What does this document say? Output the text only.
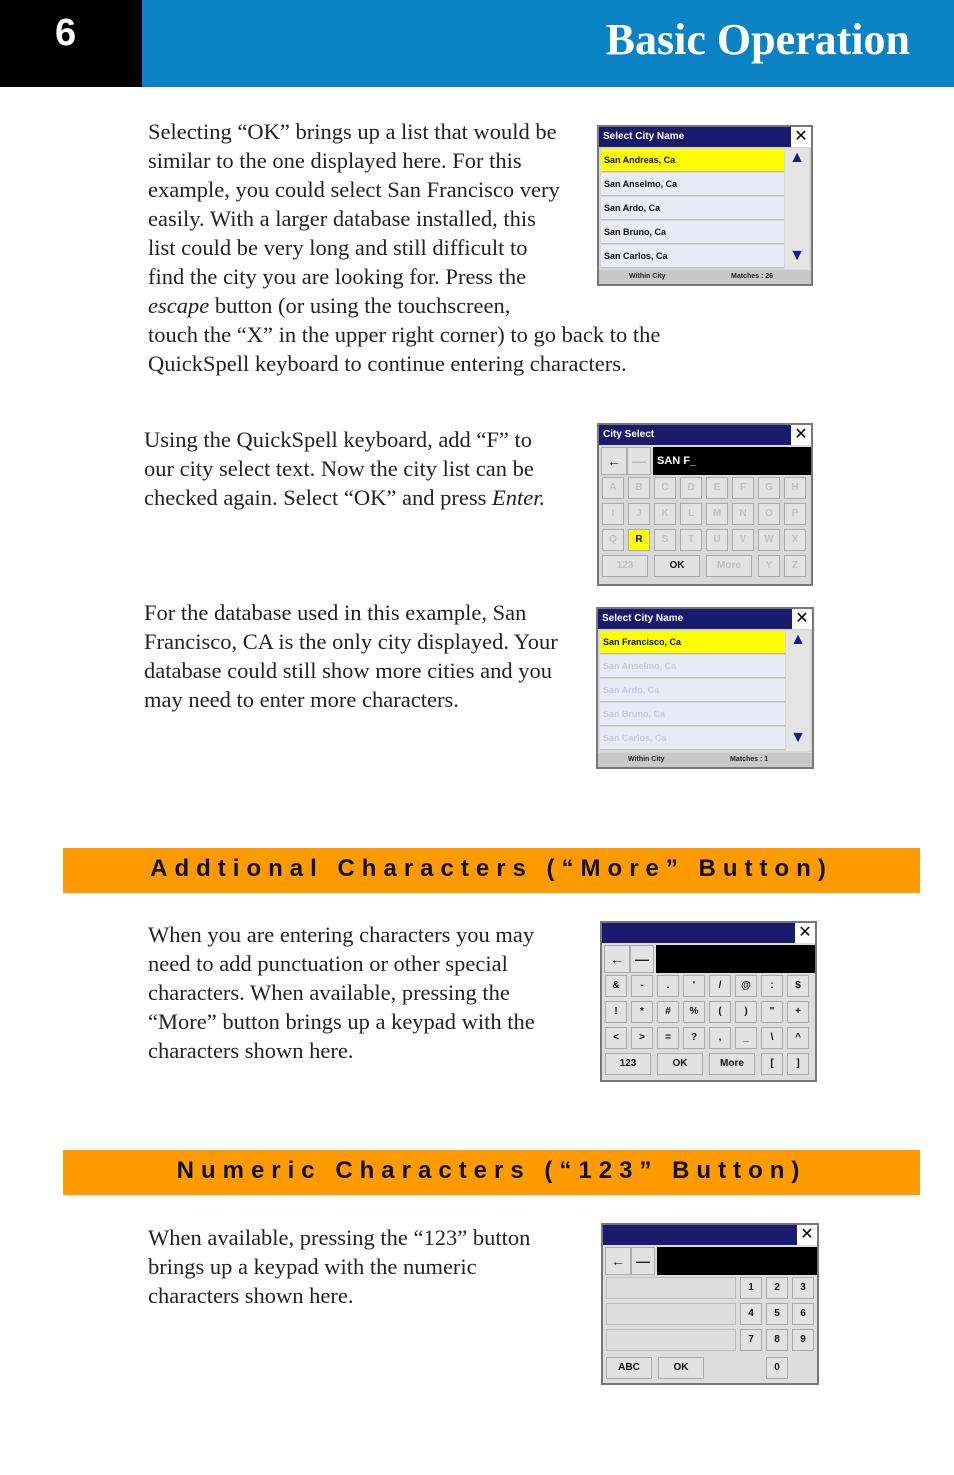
6	Basic Operation
Selecting “OK” brings up a list that would be
similar to the one displayed here. For this
example, you could select San Francisco very
easily. With a larger database installed, this
list could be very long and still difficult to
find the city you are looking for. Press the
escape button (or using the touchscreen,
touch the “X” in the upper right corner) to go back to the
QuickSpell keyboard to continue entering characters.
Select City Name	✕
San Andreas, Ca
San Anselmo, Ca
San Ardo, Ca
San Bruno, Ca
San Carlos, Ca
▲
▼
Within City	Matches : 26
Using the QuickSpell keyboard, add “F” to
our city select text. Now the city list can be
checked again. Select “OK” and press Enter.
City Select	✕
← —	SAN F_
A	B	C	D	E	F	G	H
I	J	K	L	M	N	O	P
Q	R	S	T	U	V	W	X
123	OK	More	Y	Z
For the database used in this example, San
Francisco, CA is the only city displayed. Your
database could still show more cities and you
may need to enter more characters.
Select City Name	✕
San Francisco, Ca
San Anselmo, Ca
San Ardo, Ca
San Bruno, Ca
San Carlos, Ca
▲
▼
Within City	Matches : 1
Addtional Characters (“More” Button)
When you are entering characters you may
need to add punctuation or other special
characters. When available, pressing the
“More” button brings up a keypad with the
characters shown here.
✕
← —
&	-	.	'	/	@	:	$
!	*	#	%	(	)	"	+
<	>	=	?	,	_	\	^
123	OK	More	[	]
Numeric Characters (“123” Button)
When available, pressing the “123” button
brings up a keypad with the numeric
characters shown here.
✕
← —
1	2	3
4	5	6
7	8	9
ABC	OK	0
